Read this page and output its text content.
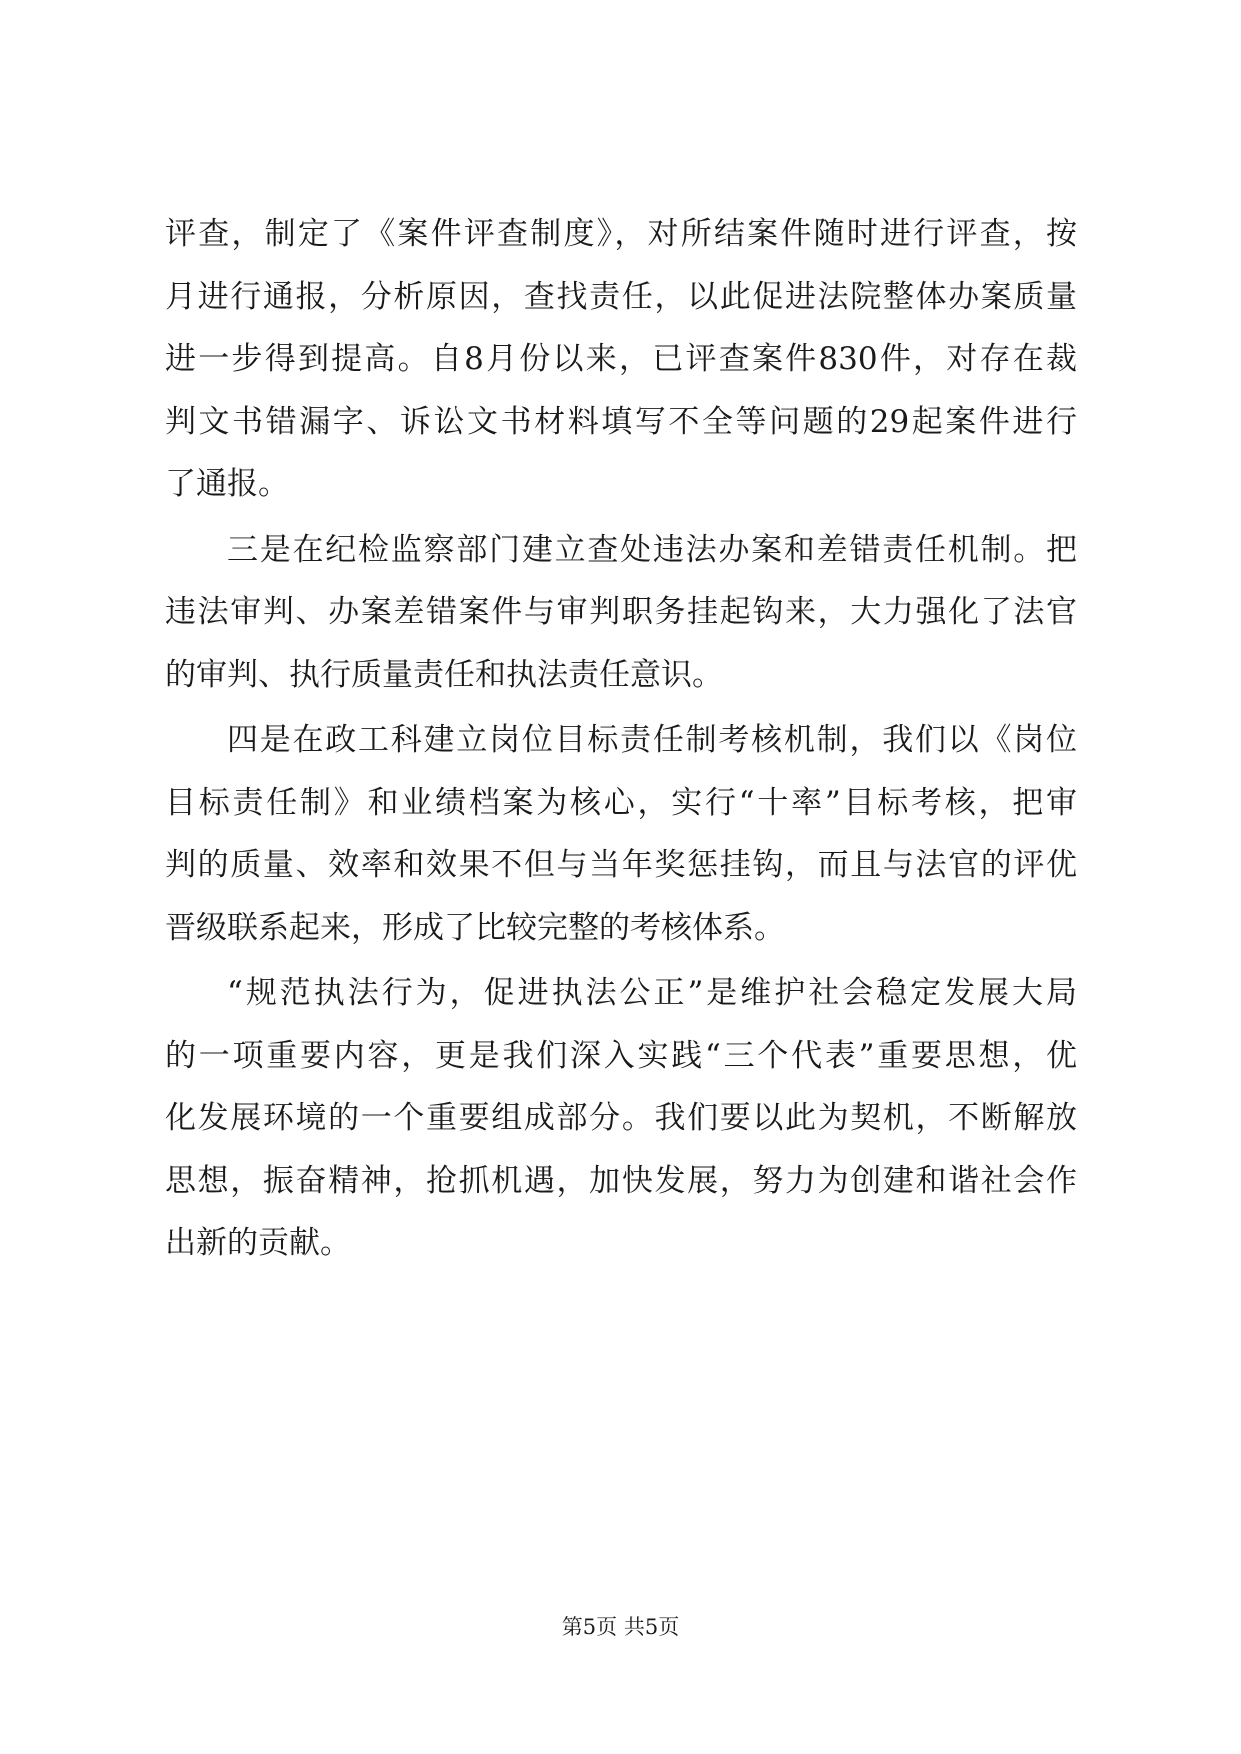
评查，制定了《案件评查制度》，对所结案件随时进行评查，按
月进行通报，分析原因，查找责任，以此促进法院整体办案质量
进一步得到提高。自8月份以来，已评查案件830件，对存在裁
判文书错漏字、诉讼文书材料填写不全等问题的29起案件进行
了通报。
三是在纪检监察部门建立查处违法办案和差错责任机制。把
违法审判、办案差错案件与审判职务挂起钩来，大力强化了法官
的审判、执行质量责任和执法责任意识。
四是在政工科建立岗位目标责任制考核机制，我们以《岗位
目标责任制》和业绩档案为核心，实行“十率”目标考核，把审
判的质量、效率和效果不但与当年奖惩挂钩，而且与法官的评优
晋级联系起来，形成了比较完整的考核体系。
“规范执法行为，促进执法公正”是维护社会稳定发展大局
的一项重要内容，更是我们深入实践“三个代表”重要思想，优
化发展环境的一个重要组成部分。我们要以此为契机，不断解放
思想，振奋精神，抢抓机遇，加快发展，努力为创建和谐社会作
出新的贡献。
第5页 共5页
